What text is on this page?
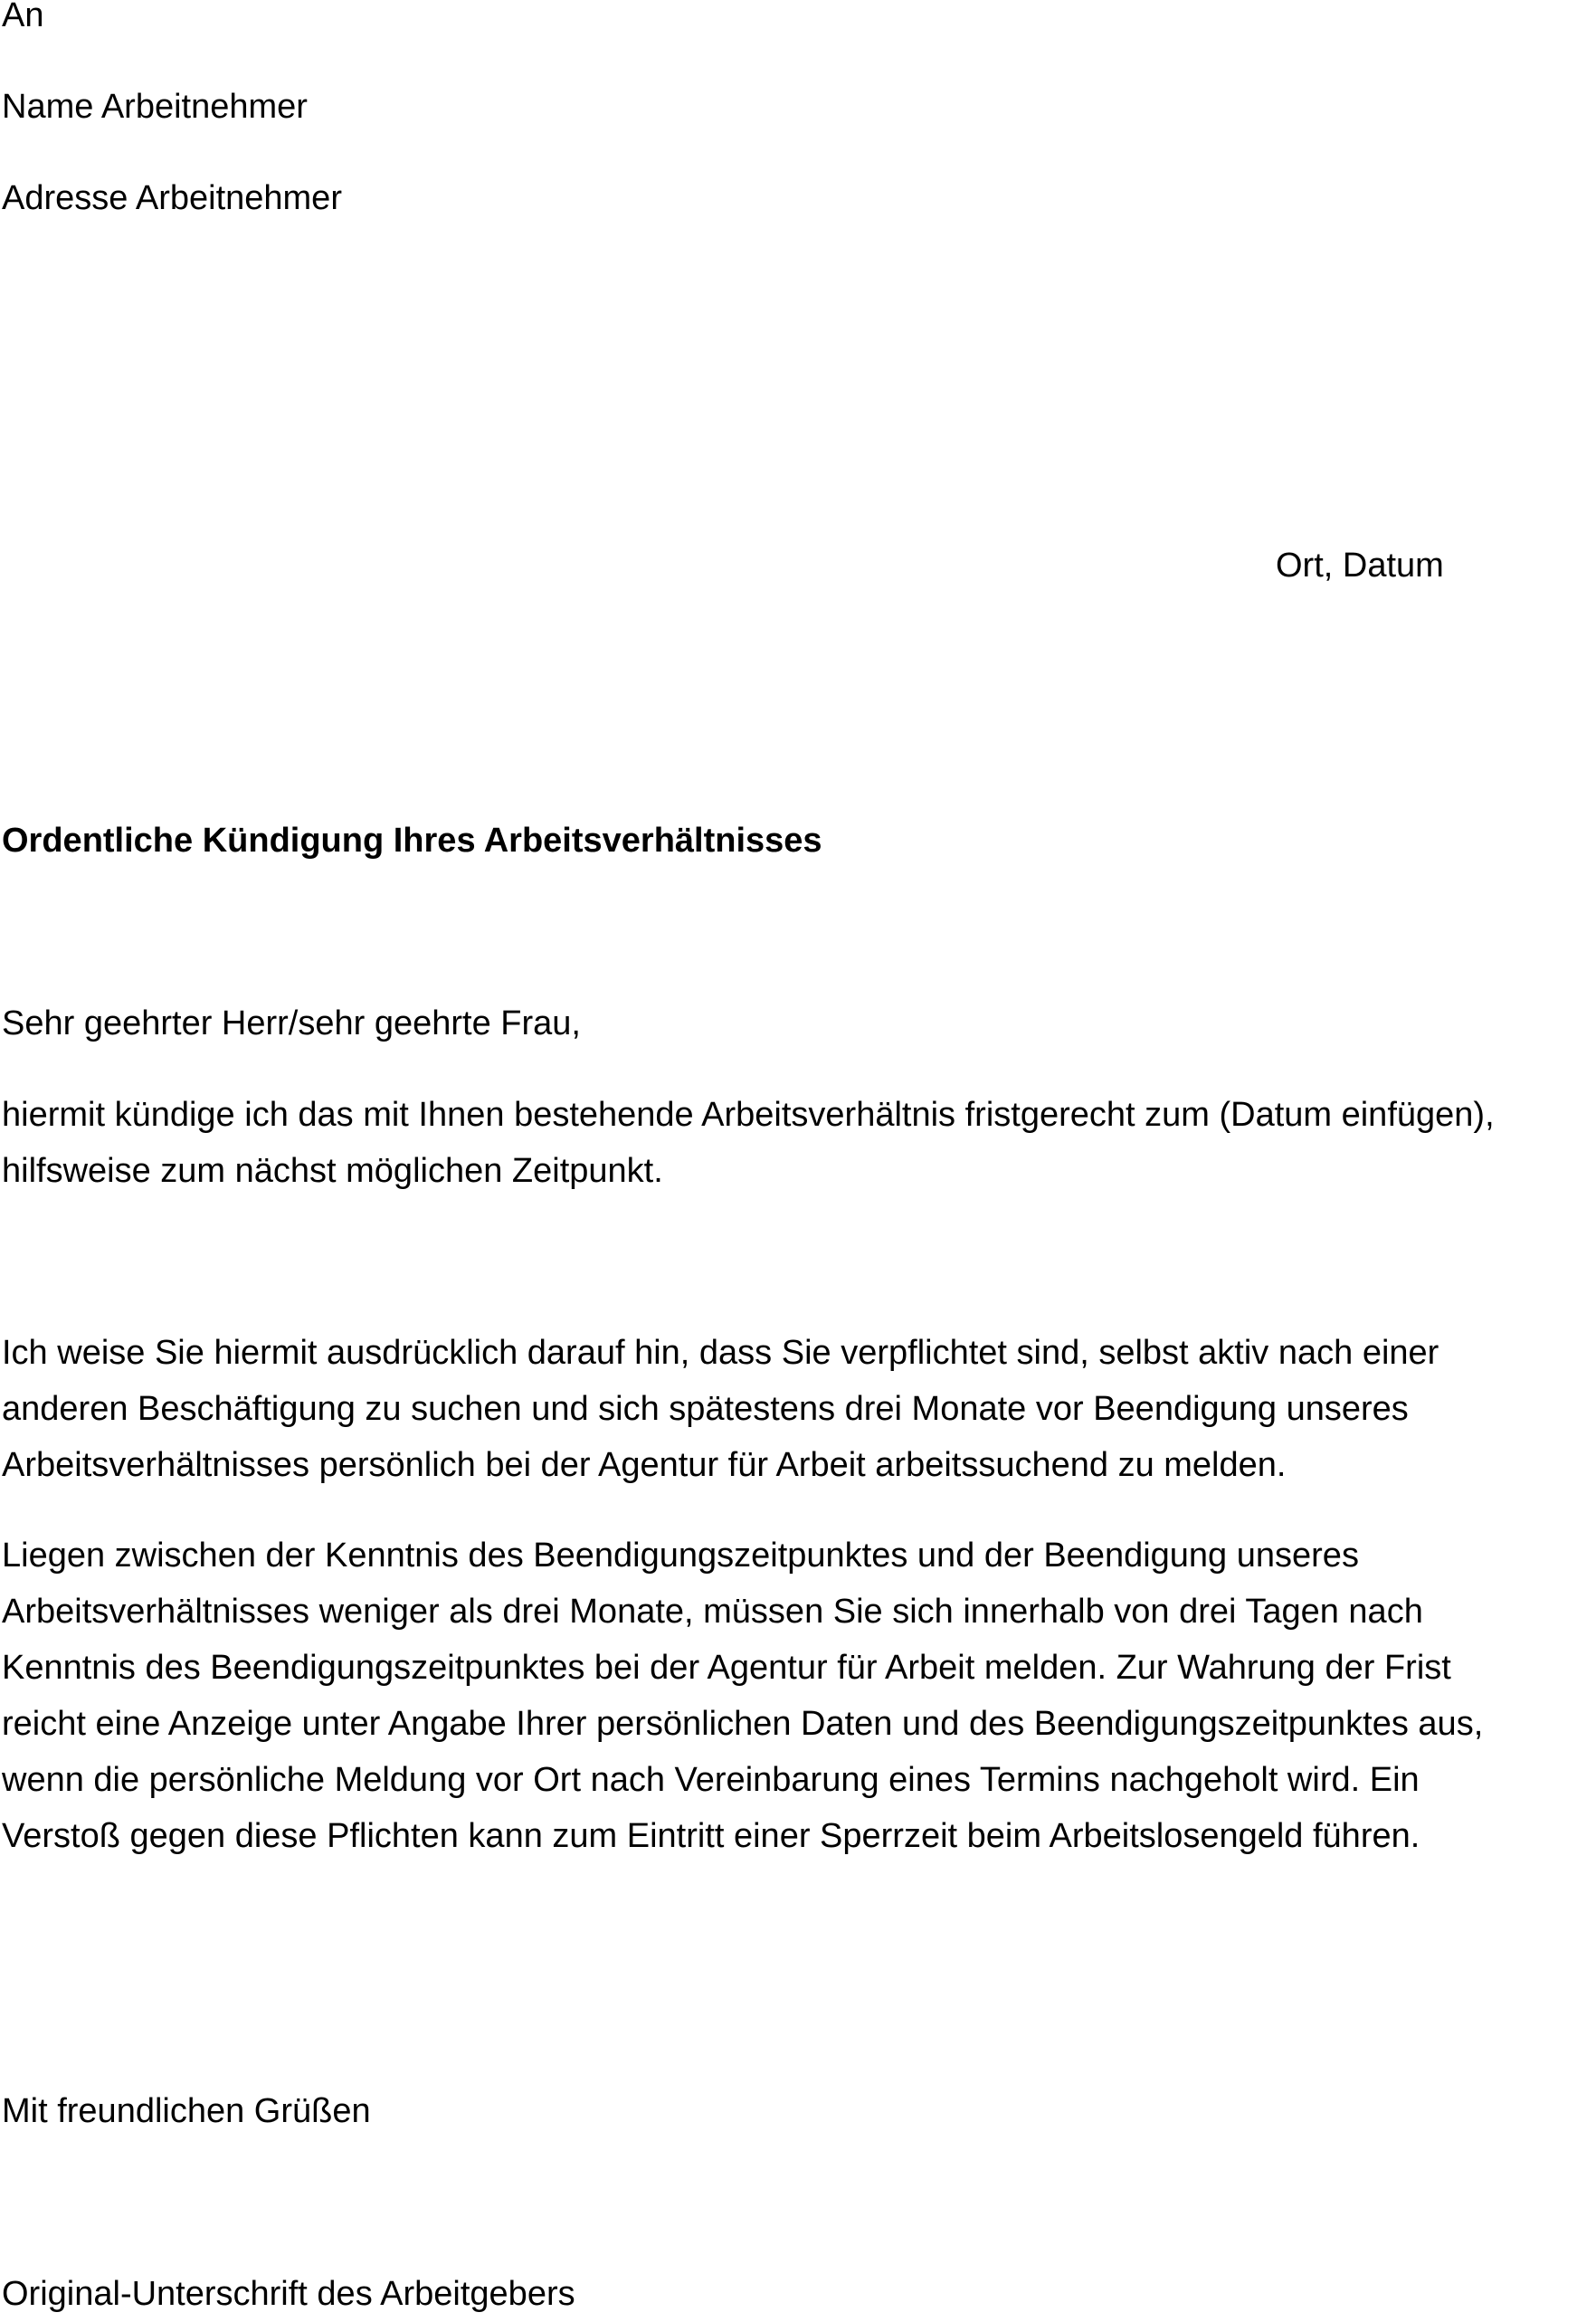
An

Name Arbeitnehmer

Adresse Arbeitnehmer

Ort, Datum

Ordentliche Kündigung Ihres Arbeitsverhältnisses

Sehr geehrter Herr/sehr geehrte Frau,

hiermit kündige ich das mit Ihnen bestehende Arbeitsverhältnis fristgerecht zum (Datum einfügen),
hilfsweise zum nächst möglichen Zeitpunkt.
Ich weise Sie hiermit ausdrücklich darauf hin, dass Sie verpflichtet sind, selbst aktiv nach einer
anderen Beschäftigung zu suchen und sich spätestens drei Monate vor Beendigung unseres
Arbeitsverhältnisses persönlich bei der Agentur für Arbeit arbeitssuchend zu melden.
Liegen zwischen der Kenntnis des Beendigungszeitpunktes und der Beendigung unseres
Arbeitsverhältnisses weniger als drei Monate, müssen Sie sich innerhalb von drei Tagen nach
Kenntnis des Beendigungszeitpunktes bei der Agentur für Arbeit melden. Zur Wahrung der Frist
reicht eine Anzeige unter Angabe Ihrer persönlichen Daten und des Beendigungszeitpunktes aus,
wenn die persönliche Meldung vor Ort nach Vereinbarung eines Termins nachgeholt wird. Ein
Verstoß gegen diese Pflichten kann zum Eintritt einer Sperrzeit beim Arbeitslosengeld führen.

Mit freundlichen Grüßen

Original-Unterschrift des Arbeitgebers
